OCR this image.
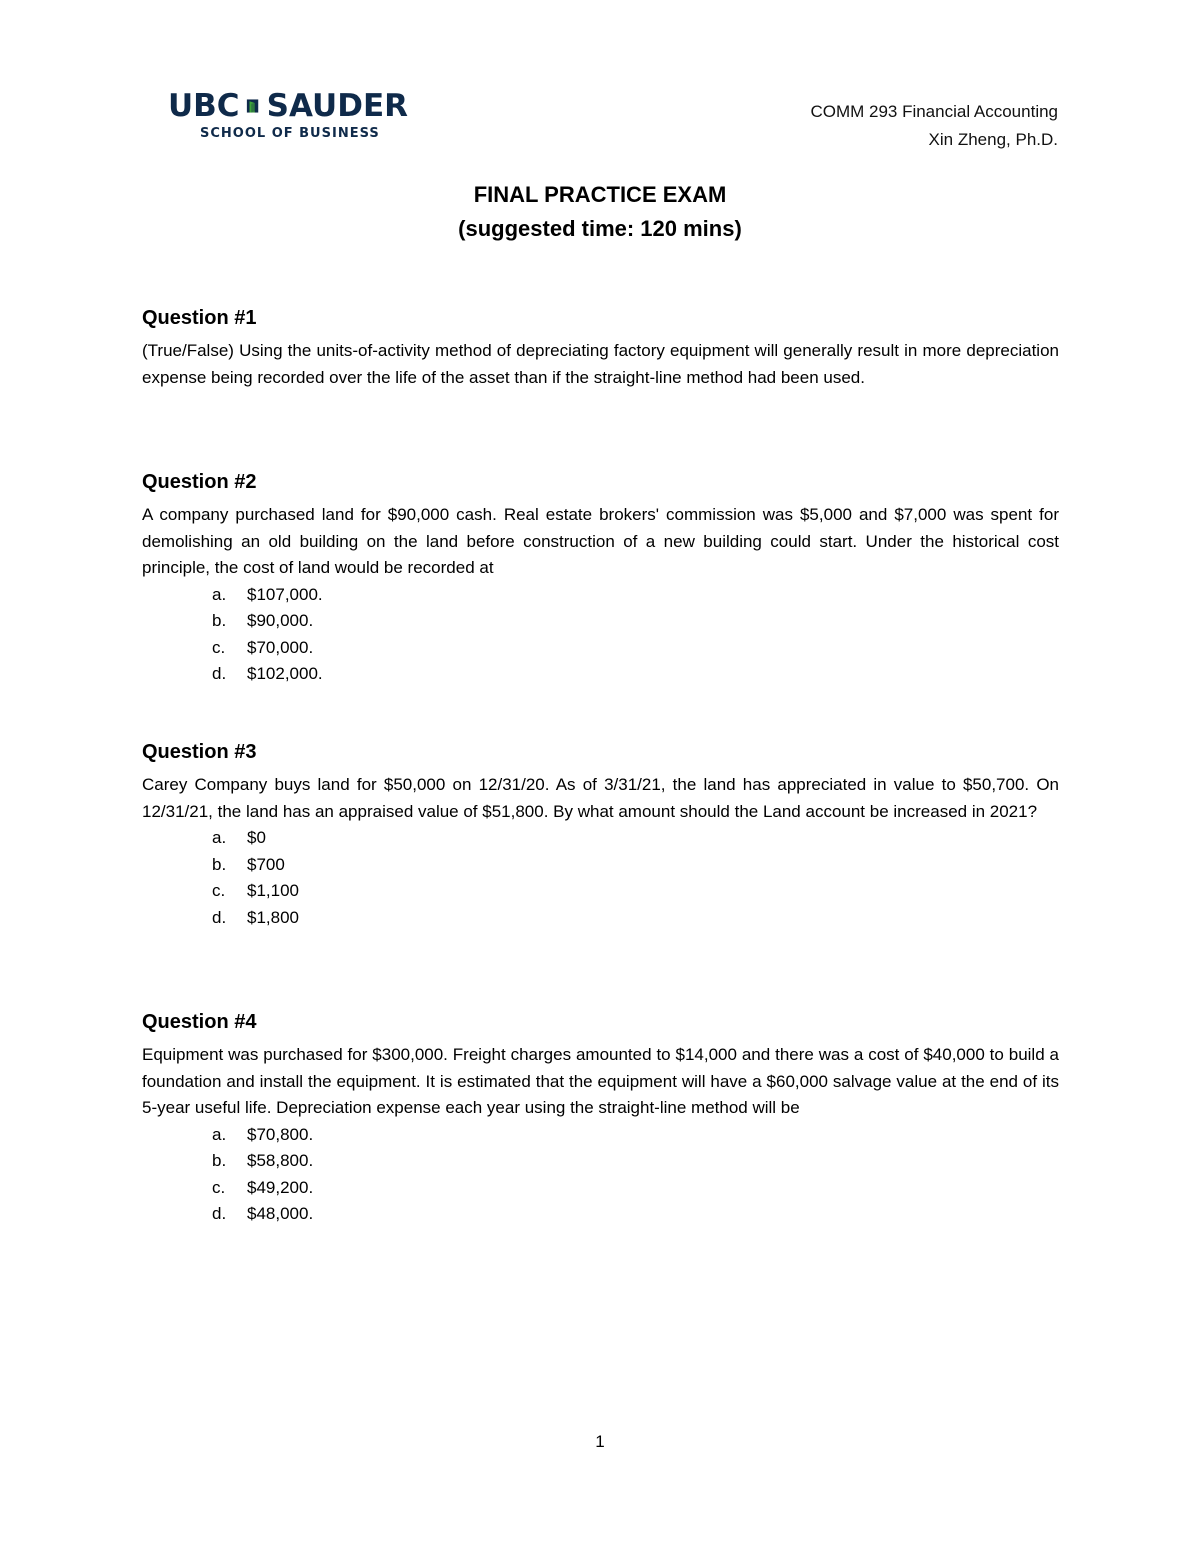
UBC SAUDER
SCHOOL OF BUSINESS
COMM 293 Financial Accounting
Xin Zheng, Ph.D.
FINAL PRACTICE EXAM
(suggested time: 120 mins)
Question #1
(True/False) Using the units-of-activity method of depreciating factory equipment will generally result in more depreciation expense being recorded over the life of the asset than if the straight-line method had been used.
Question #2
A company purchased land for $90,000 cash. Real estate brokers' commission was $5,000 and $7,000 was spent for demolishing an old building on the land before construction of a new building could start. Under the historical cost principle, the cost of land would be recorded at
a.	$107,000.
b.	$90,000.
c.	$70,000.
d.	$102,000.
Question #3
Carey Company buys land for $50,000 on 12/31/20. As of 3/31/21, the land has appreciated in value to $50,700. On 12/31/21, the land has an appraised value of $51,800. By what amount should the Land account be increased in 2021?
a.	$0
b.	$700
c.	$1,100
d.	$1,800
Question #4
Equipment was purchased for $300,000. Freight charges amounted to $14,000 and there was a cost of $40,000 to build a foundation and install the equipment. It is estimated that the equipment will have a $60,000 salvage value at the end of its 5-year useful life. Depreciation expense each year using the straight-line method will be
a.	$70,800.
b.	$58,800.
c.	$49,200.
d.	$48,000.
1
